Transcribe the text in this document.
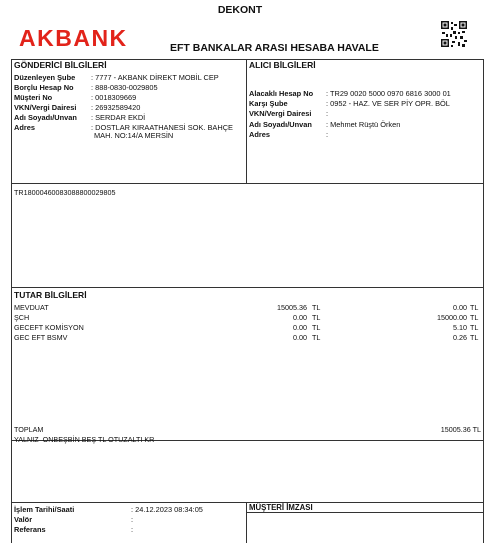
AKBANK
DEKONT
EFT BANKALAR ARASI HESABA HAVALE
GÖNDERİCİ BİLGİLERİ
Düzenleyen Şube : 7777 - AKBANK DİREKT MOBİL CEP
Borçlu Hesap No : 888-0830-0029805
Müşteri No	: 0018309669
VKN/Vergi Dairesi : 26932589420
Adı Soyadı/Unvan : SERDAR EKDİ
Adres	: DOSTLAR KIRAATHANESİ SOK. BAHÇE
MAH. NO:14/A MERSİN
ALICI BİLGİLERİ
Alacaklı Hesap No : TR29 0020 5000 0970 6816 3000 01
Karşı Şube	: 0952 - HAZ. VE SER PİY OPR. BÖL
VKN/Vergi Dairesi :
Adı Soyadı/Unvan : Mehmet Rüştü Örken
Adres	:
TR18000460083088800029805
TUTAR BİLGİLERİ
MEVDUAT	15005.36 TL	0.00 TL
ŞCH	0.00 TL	15000.00 TL
GECEFT KOMİSYON	0.00 TL	5.10 TL
GEC EFT BSMV	0.00 TL	0.26 TL
TOPLAM	15005.36 TL
YALNIZ  ONBEŞBİN BEŞ TL OTUZALTI KR
İşlem Tarihi/Saati	: 24.12.2023 08:34:05
Valör	:
Referans	:
MÜŞTERİ İMZASI
